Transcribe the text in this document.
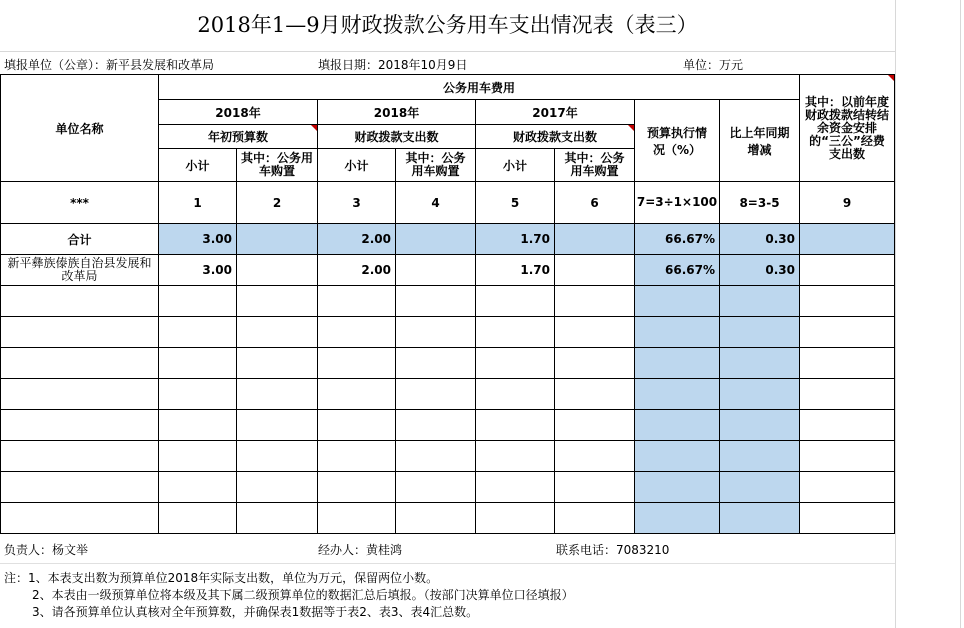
2018年1—9月财政拨款公务用车支出情况表（表三）
填报单位（公章）：新平县发展和改革局	填报日期：2018年10月9日	单位：万元
单位名称	公务用车费用								其中：以前年度财政拨款结转结余资金安排的“三公”经费支出数
	2018年		2018年		2017年		预算执行情况（%）	比上年同期增减	
	年初预算数		财政拨款支出数		财政拨款支出数				
	小计	其中：公务用车购置	小计	其中：公务用车购置	小计	其中：公务用车购置			
***	1	2	3	4	5	6	7=3÷1×100	8=3-5	9
合计	3.00		2.00		1.70		66.67%	0.30	
新平彝族傣族自治县发展和改革局	3.00		2.00		1.70		66.67%	0.30	

负责人：杨文举	经办人：黄桂鸿	联系电话：7083210
注：1、本表支出数为预算单位2018年实际支出数，单位为万元，保留两位小数。
2、本表由一级预算单位将本级及其下属二级预算单位的数据汇总后填报。（按部门决算单位口径填报）
3、请各预算单位认真核对全年预算数，并确保表1数据等于表2、表3、表4汇总数。
